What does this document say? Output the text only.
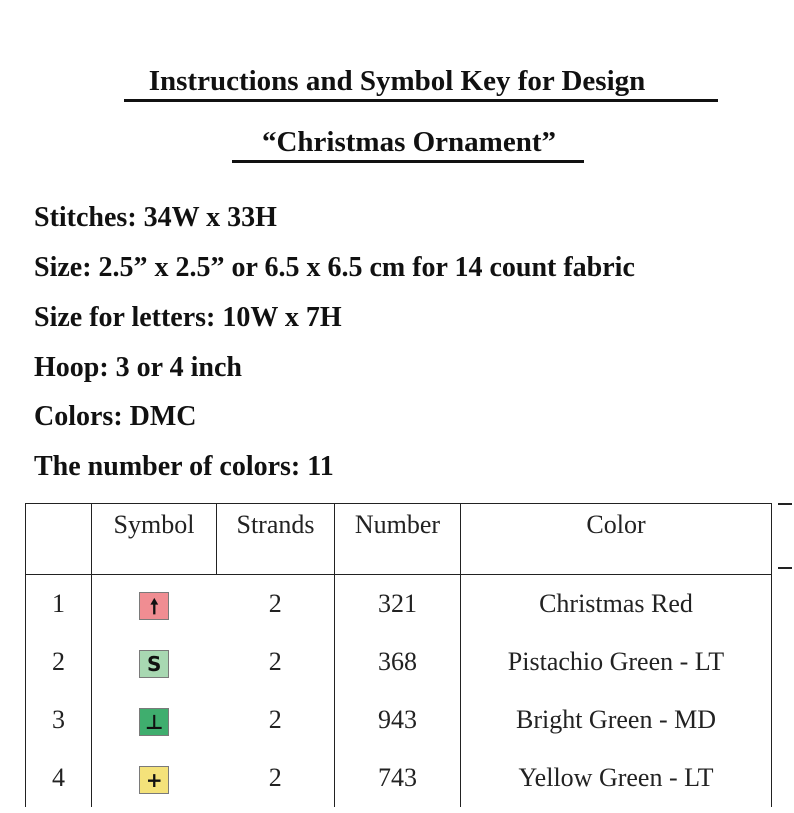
Instructions and Symbol Key for Design
“Christmas Ornament”
Stitches: 34W x 33H
Size: 2.5” x 2.5” or 6.5 x 6.5 cm for 14 count fabric
Size for letters: 10W x 7H
Hoop: 3 or 4 inch
Colors: DMC
The number of colors: 11
	Symbol	Strands	Number	Color
1	🠕	2	321	Christmas Red
2	S	2	368	Pistachio Green - LT
3	⊥	2	943	Bright Green - MD
4	+	2	743	Yellow Green - LT
